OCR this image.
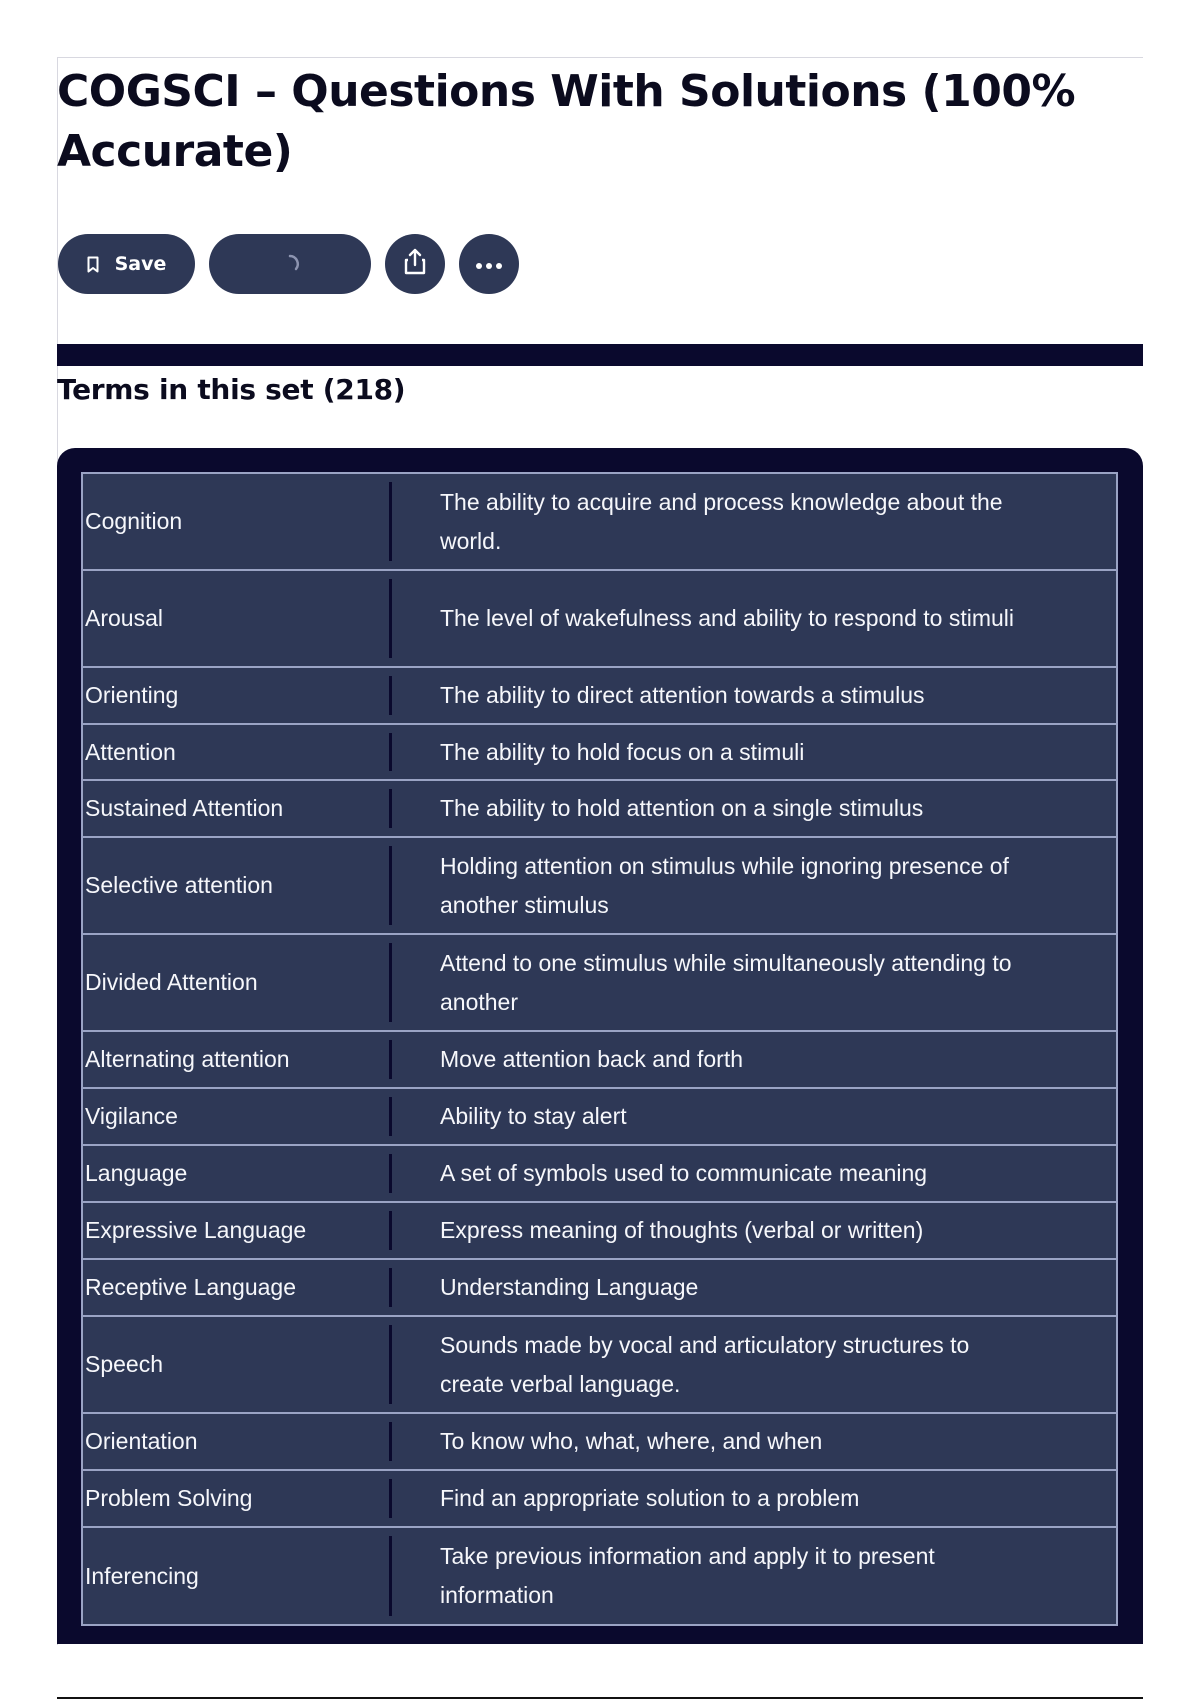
COGSCI – Questions With Solutions (100% Accurate)
Save
Terms in this set (218)
Cognition	The ability to acquire and process knowledge about the world.
Arousal	The level of wakefulness and ability to respond to stimuli
Orienting	The ability to direct attention towards a stimulus
Attention	The ability to hold focus on a stimuli
Sustained Attention	The ability to hold attention on a single stimulus
Selective attention	Holding attention on stimulus while ignoring presence of another stimulus
Divided Attention	Attend to one stimulus while simultaneously attending to another
Alternating attention	Move attention back and forth
Vigilance	Ability to stay alert
Language	A set of symbols used to communicate meaning
Expressive Language	Express meaning of thoughts (verbal or written)
Receptive Language	Understanding Language
Speech	Sounds made by vocal and articulatory structures to create verbal language.
Orientation	To know who, what, where, and when
Problem Solving	Find an appropriate solution to a problem
Inferencing	Take previous information and apply it to present information
